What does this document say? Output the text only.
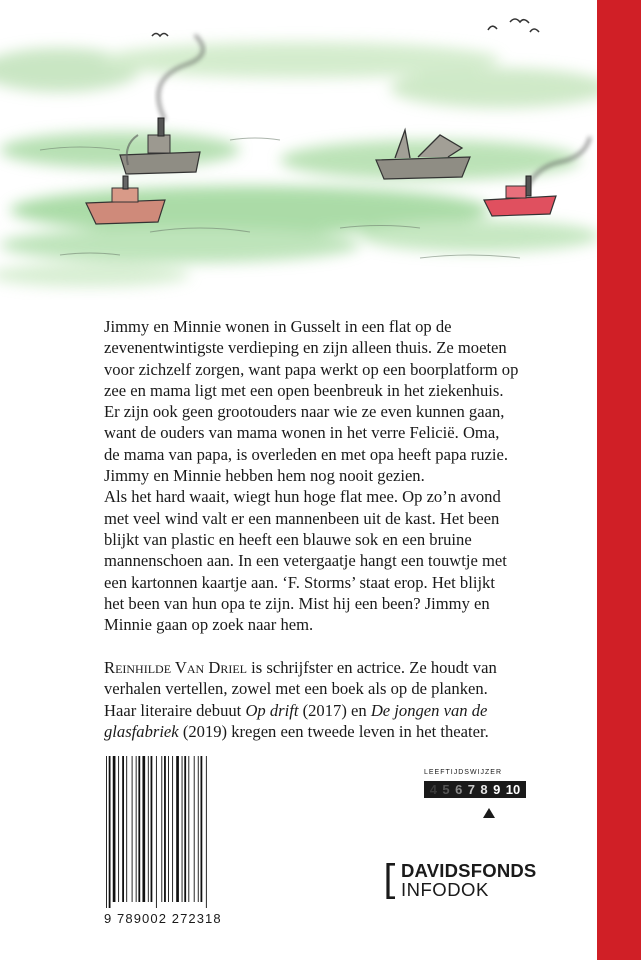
Jimmy en Minnie wonen in Gusselt in een flat op de

zevenentwintigste verdieping en zijn alleen thuis. Ze moeten

voor zichzelf zorgen, want papa werkt op een boorplatform op

zee en mama ligt met een open beenbreuk in het ziekenhuis.

Er zijn ook geen grootouders naar wie ze even kunnen gaan,

want de ouders van mama wonen in het verre Feliciё. Oma,

de mama van papa, is overleden en met opa heeft papa ruzie.

Jimmy en Minnie hebben hem nog nooit gezien.

Als het hard waait, wiegt hun hoge flat mee. Op zo’n avond

met veel wind valt er een mannenbeen uit de kast. Het been

blijkt van plastic en heeft een blauwe sok en een bruine

mannenschoen aan. In een vetergaatje hangt een touwtje met

een kartonnen kaartje aan. ‘F. Storms’ staat erop. Het blijkt

het been van hun opa te zijn. Mist hij een been? Jimmy en

Minnie gaan op zoek naar hem.

Reinhilde Van Driel is schrijfster en actrice. Ze houdt van
verhalen vertellen, zowel met een boek als op de planken.
Haar literaire debuut Op drift (2017) en De jongen van de
glasfabriek (2019) kregen een tweede leven in het theater.
9 789002 272318
LEEFTIJDSWIJZER
4 5 6 7 8 9 10
DAVIDSFONDS
INFODOK
